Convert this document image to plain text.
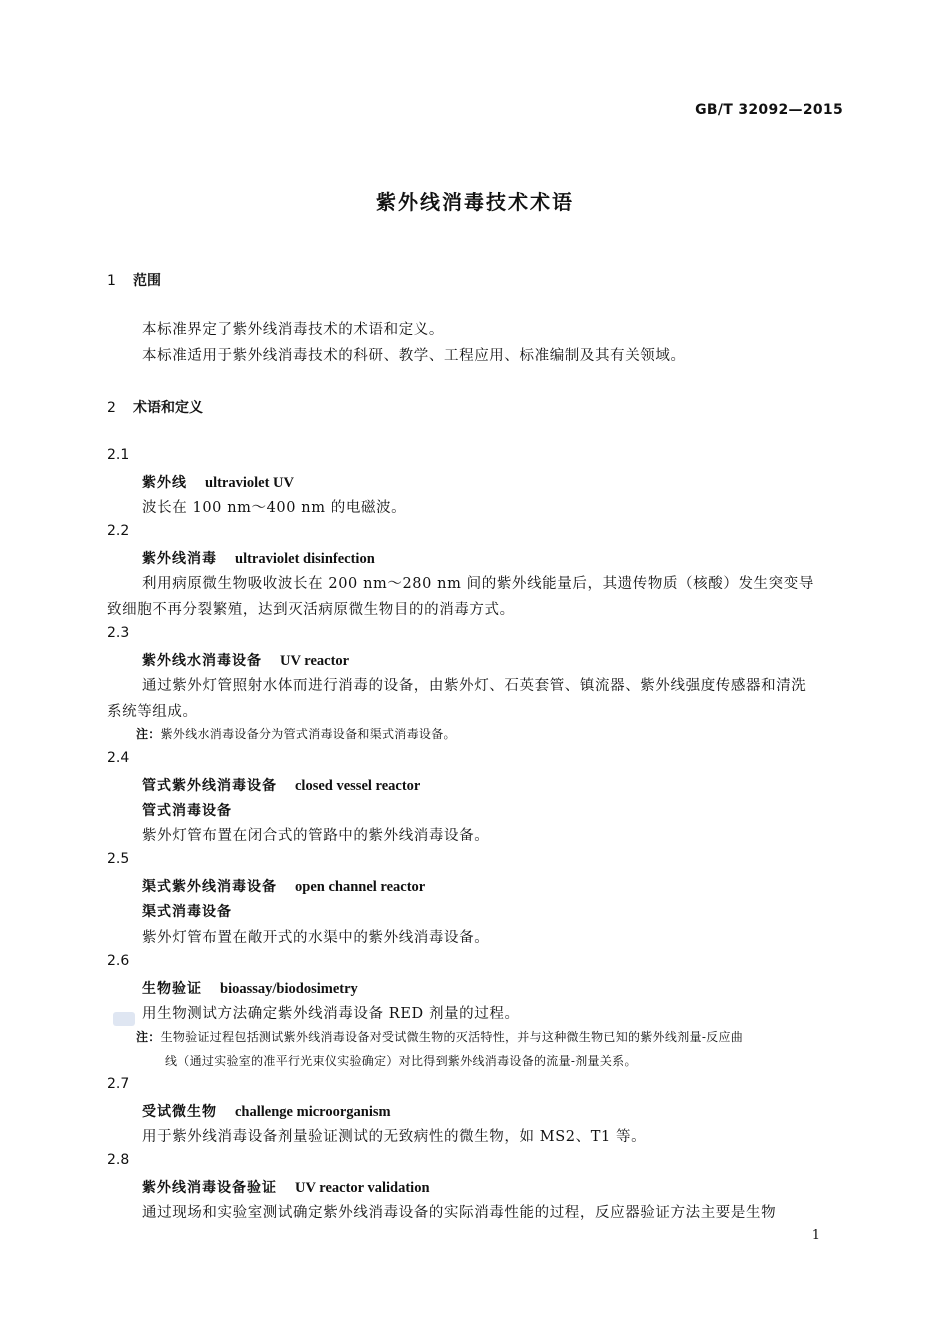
GB/T 32092—2015
紫外线消毒技术术语
1 范围
本标准界定了紫外线消毒技术的术语和定义。
本标准适用于紫外线消毒技术的科研、教学、工程应用、标准编制及其有关领域。
2 术语和定义
2.1
紫外线 ultraviolet UV
波长在 100 nm～400 nm 的电磁波。
2.2
紫外线消毒 ultraviolet disinfection
利用病原微生物吸收波长在 200 nm～280 nm 间的紫外线能量后，其遗传物质（核酸）发生突变导
致细胞不再分裂繁殖，达到灭活病原微生物目的的消毒方式。
2.3
紫外线水消毒设备 UV reactor
通过紫外灯管照射水体而进行消毒的设备，由紫外灯、石英套管、镇流器、紫外线强度传感器和清洗
系统等组成。
注：紫外线水消毒设备分为管式消毒设备和渠式消毒设备。
2.4
管式紫外线消毒设备 closed vessel reactor
管式消毒设备
紫外灯管布置在闭合式的管路中的紫外线消毒设备。
2.5
渠式紫外线消毒设备 open channel reactor
渠式消毒设备
紫外灯管布置在敞开式的水渠中的紫外线消毒设备。
2.6
生物验证 bioassay/biodosimetry
用生物测试方法确定紫外线消毒设备 RED 剂量的过程。
注：生物验证过程包括测试紫外线消毒设备对受试微生物的灭活特性，并与这种微生物已知的紫外线剂量-反应曲
线（通过实验室的准平行光束仪实验确定）对比得到紫外线消毒设备的流量-剂量关系。
2.7
受试微生物 challenge microorganism
用于紫外线消毒设备剂量验证测试的无致病性的微生物，如 MS2、T1 等。
2.8
紫外线消毒设备验证 UV reactor validation
通过现场和实验室测试确定紫外线消毒设备的实际消毒性能的过程，反应器验证方法主要是生物
1
